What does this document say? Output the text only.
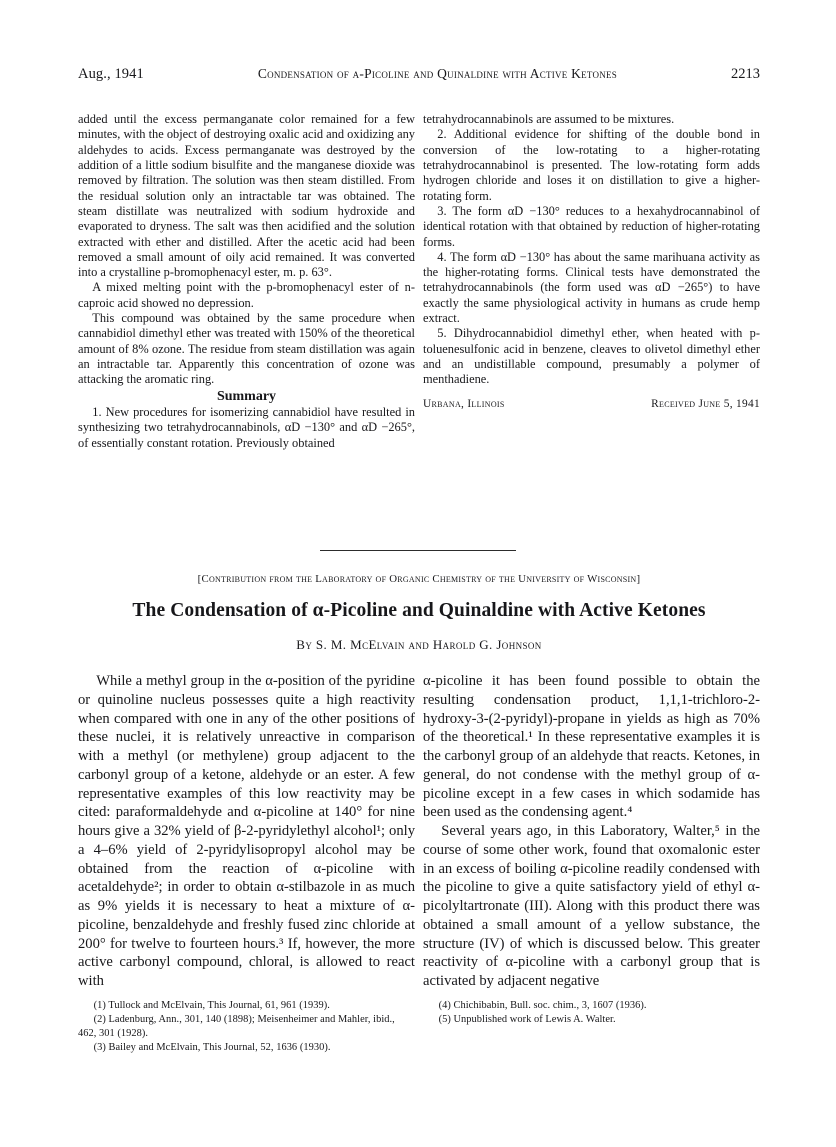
Aug., 1941	Condensation of α-Picoline and Quinaldine with Active Ketones	2213

added until the excess permanganate color remained for a few minutes, with the object of destroying oxalic acid and oxidizing any aldehydes to acids. Excess permanganate was destroyed by the addition of a little sodium bisulfite and the manganese dioxide was removed by filtration. The solution was then steam distilled. From the residual solution only an intractable tar was obtained. The steam distillate was neutralized with sodium hydroxide and evaporated to dryness. The salt was then acidified and the solution extracted with ether and distilled. After the acetic acid had been removed a small amount of oily acid remained. It was converted into a crystalline p-bromophenacyl ester, m. p. 63°.

A mixed melting point with the p-bromophenacyl ester of n-caproic acid showed no depression.

This compound was obtained by the same procedure when cannabidiol dimethyl ether was treated with 150% of the theoretical amount of 8% ozone. The residue from steam distillation was again an intractable tar. Apparently this concentration of ozone was attacking the aromatic ring.

Summary

1. New procedures for isomerizing cannabidiol have resulted in synthesizing two tetrahydrocannabinols, αD −130° and αD −265°, of essentially constant rotation. Previously obtained

tetrahydrocannabinols are assumed to be mixtures.

2. Additional evidence for shifting of the double bond in conversion of the low-rotating to a higher-rotating tetrahydrocannabinol is presented. The low-rotating form adds hydrogen chloride and loses it on distillation to give a higher-rotating form.

3. The form αD −130° reduces to a hexahydrocannabinol of identical rotation with that obtained by reduction of higher-rotating forms.

4. The form αD −130° has about the same marihuana activity as the higher-rotating forms. Clinical tests have demonstrated the tetrahydrocannabinols (the form used was αD −265°) to have exactly the same physiological activity in humans as crude hemp extract.

5. Dihydrocannabidiol dimethyl ether, when heated with p-toluenesulfonic acid in benzene, cleaves to olivetol dimethyl ether and an undistillable compound, presumably a polymer of menthadiene.

Urbana, Illinois	Received June 5, 1941
[Contribution from the Laboratory of Organic Chemistry of the University of Wisconsin]
The Condensation of α-Picoline and Quinaldine with Active Ketones
By S. M. McElvain and Harold G. Johnson

While a methyl group in the α-position of the pyridine or quinoline nucleus possesses quite a high reactivity when compared with one in any of the other positions of these nuclei, it is relatively unreactive in comparison with a methyl (or methylene) group adjacent to the carbonyl group of a ketone, aldehyde or an ester. A few representative examples of this low reactivity may be cited: paraformaldehyde and α-picoline at 140° for nine hours give a 32% yield of β-2-pyridylethyl alcohol¹; only a 4–6% yield of 2-pyridylisopropyl alcohol may be obtained from the reaction of α-picoline with acetaldehyde²; in order to obtain α-stilbazole in as much as 9% yields it is necessary to heat a mixture of α-picoline, benzaldehyde and freshly fused zinc chloride at 200° for twelve to fourteen hours.³ If, however, the more active carbonyl compound, chloral, is allowed to react with

(1) Tullock and McElvain, This Journal, 61, 961 (1939).

(2) Ladenburg, Ann., 301, 140 (1898); Meisenheimer and Mahler, ibid., 462, 301 (1928).

(3) Bailey and McElvain, This Journal, 52, 1636 (1930).

α-picoline it has been found possible to obtain the resulting condensation product, 1,1,1-trichloro-2-hydroxy-3-(2-pyridyl)-propane in yields as high as 70% of the theoretical.¹ In these representative examples it is the carbonyl group of an aldehyde that reacts. Ketones, in general, do not condense with the methyl group of α-picoline except in a few cases in which sodamide has been used as the condensing agent.⁴

Several years ago, in this Laboratory, Walter,⁵ in the course of some other work, found that oxomalonic ester in an excess of boiling α-picoline readily condensed with the picoline to give a quite satisfactory yield of ethyl α-picolyltartronate (III). Along with this product there was obtained a small amount of a yellow substance, the structure (IV) of which is discussed below. This greater reactivity of α-picoline with a carbonyl group that is activated by adjacent negative

(4) Chichibabin, Bull. soc. chim., 3, 1607 (1936).

(5) Unpublished work of Lewis A. Walter.
